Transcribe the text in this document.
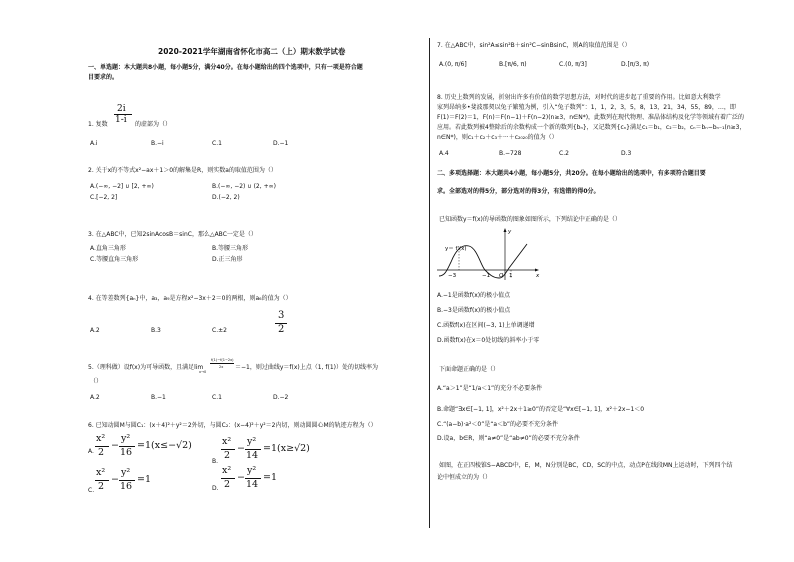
2020-2021学年湖南省怀化市高二（上）期末数学试卷
一、单选题：本大题共8小题，每小题5分，满分40分。在每小题给出的四个选项中，只有一项是符合题
目要求的。
2i
1-i
1. 复数	的虚部为（）
A.i	B.−i	C.1	D.−1
2. 关于x的不等式x²−ax＋1＞0的解集是R，则实数a的取值范围为（）
A.(−∞, −2] ∪ [2, +∞)	B.(−∞, −2) ∪ (2, +∞)
C.[−2, 2]	D.(−2, 2)
3. 在△ABC中，已知2sinAcosB＝sinC，那么△ABC一定是（）
A.直角三角形	B.等腰三角形
C.等腰直角三角形	D.正三角形
4. 在等差数列{aₙ}中，a₃，a₉是方程x²−3x＋2＝0的两根，则a₆的值为（）
A.2	B.3	C.±2
3
2
5.（理科做）设f(x)为可导函数，且满足lim
f(1)−f(1−2x)
2x
x→0
＝−1，则过曲线y＝f(x)上点（1, f(1)）处的切线率为
（）
A.2	B.−1	C.1	D.−2
6. 已知动圆M与圆C₁：(x＋4)²＋y²＝2外切，与圆C₂：(x−4)²＋y²＝2内切，则动圆圆心M的轨迹方程为（）
A.
x²
2
−
y²
16
= 1(x≤−√2)
B.
x²
2
−
y²
14
= 1(x≥√2)
C.
x²
2
−
y²
16
= 1
D.
x²
2
−
y²
14
= 1
7. 在△ABC中，sin²A≤sin²B＋sin²C−sinBsinC，则A的取值范围是（）
A.(0, π/6]	B.[π/6, π)	C.(0, π/3]	D.[π/3, π)
8. 历史上数列的发展，折射出许多有价值的数学思想方法，对时代的进步起了重要的作用。比如意大利数学
家列昂纳多•斐波那契以兔子繁殖为例，引入“兔子数列”：1，1，2，3，5，8，13，21，34，55，89，…，即
F(1)＝F(2)＝1，F(n)＝F(n−1)＋F(n−2)(n≥3，n∈N*)，此数列在现代物理、准晶体结构及化学等领域有着广泛的
应用。若此数列被4整除后的余数构成一个新的数列{bₙ}，又记数列{cₙ}满足c₁＝b₁，c₂＝b₂，cₙ＝bₙ−bₙ₋₁(n≥3，
n∈N*)，则c₁＋c₂＋c₃＋···＋c₂₀₂₀的值为（）
A.4	B.−728	C.2	D.3
二、多项选择题：本大题共4小题，每小题5分，共20分。在每小题给出的选项中，有多项符合题目要
求。全部选对的得5分，部分选对的得3分，有选错的得0分。
已知函数y＝f(x)的导函数的图象如图所示，下列结论中正确的是（）
y＝ f'(x)
y
x
−3	−1 O 1
A.−1是函数f(x)的极小值点
B.−3是函数f(x)的极小值点
C.函数f(x)在区间(−3, 1)上单调递增
D.函数f(x)在x＝0处切线的斜率小于零
下面命题正确的是（）
A.“a＞1”是“1/a＜1”的充分不必要条件
B.命题“∃x∈[−1, 1]，x²＋2x＋1≥0”的否定是“∀x∈[−1, 1]，x²＋2x−1＜0
C.“(a−b)·a²＜0”是“a＜b”的必要不充分条件
D.设a，b∈R，则“a≠0”是“ab≠0”的必要不充分条件
如图，在正四棱锥S−ABCD中，E，M，N分别是BC，CD，SC的中点，动点P在线段MN上运动时，下列四个结
论中恒成立的为（）
